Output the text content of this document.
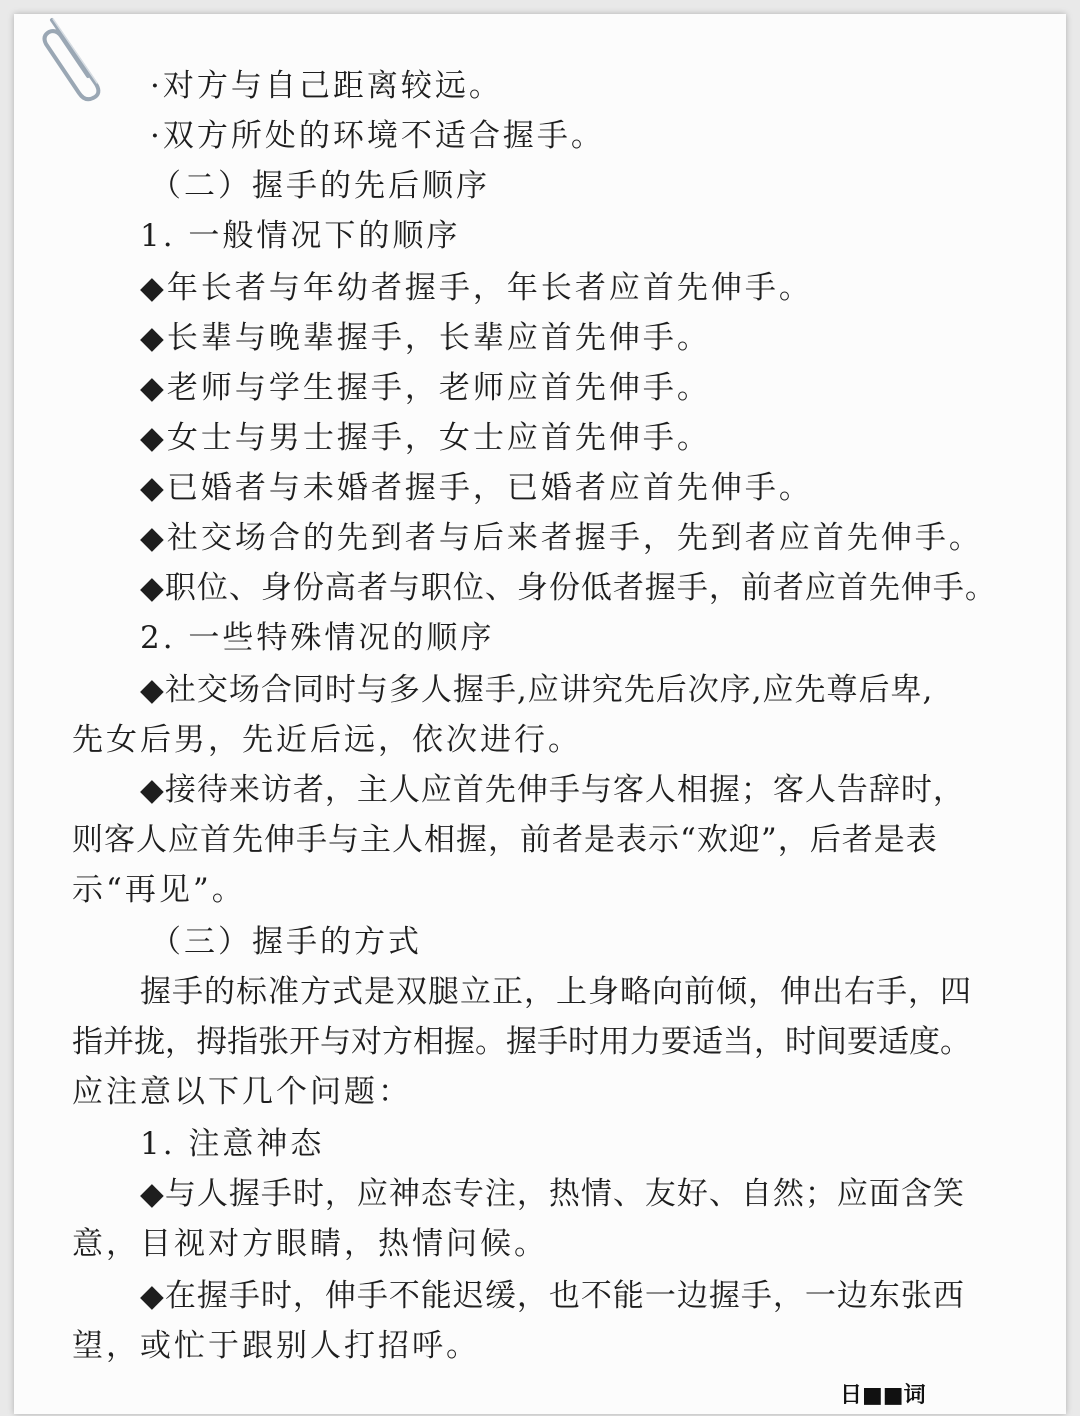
·对方与自己距离较远。
·双方所处的环境不适合握手。
（二）握手的先后顺序
1. 一般情况下的顺序
◆年长者与年幼者握手，年长者应首先伸手。
◆长辈与晚辈握手，长辈应首先伸手。
◆老师与学生握手，老师应首先伸手。
◆女士与男士握手，女士应首先伸手。
◆已婚者与未婚者握手，已婚者应首先伸手。
◆社交场合的先到者与后来者握手，先到者应首先伸手。
◆职位、身份高者与职位、身份低者握手，前者应首先伸手。
2. 一些特殊情况的顺序
◆社交场合同时与多人握手,应讲究先后次序,应先尊后卑,
先女后男，先近后远，依次进行。
◆接待来访者，主人应首先伸手与客人相握；客人告辞时，
则客人应首先伸手与主人相握，前者是表示“欢迎”，后者是表
示“再见”。
（三）握手的方式
握手的标准方式是双腿立正，上身略向前倾，伸出右手，四
指并拢，拇指张开与对方相握。握手时用力要适当，时间要适度。
应注意以下几个问题：
1. 注意神态
◆与人握手时，应神态专注，热情、友好、自然；应面含笑
意，目视对方眼睛，热情问候。
◆在握手时，伸手不能迟缓，也不能一边握手，一边东张西
望，或忙于跟别人打招呼。
